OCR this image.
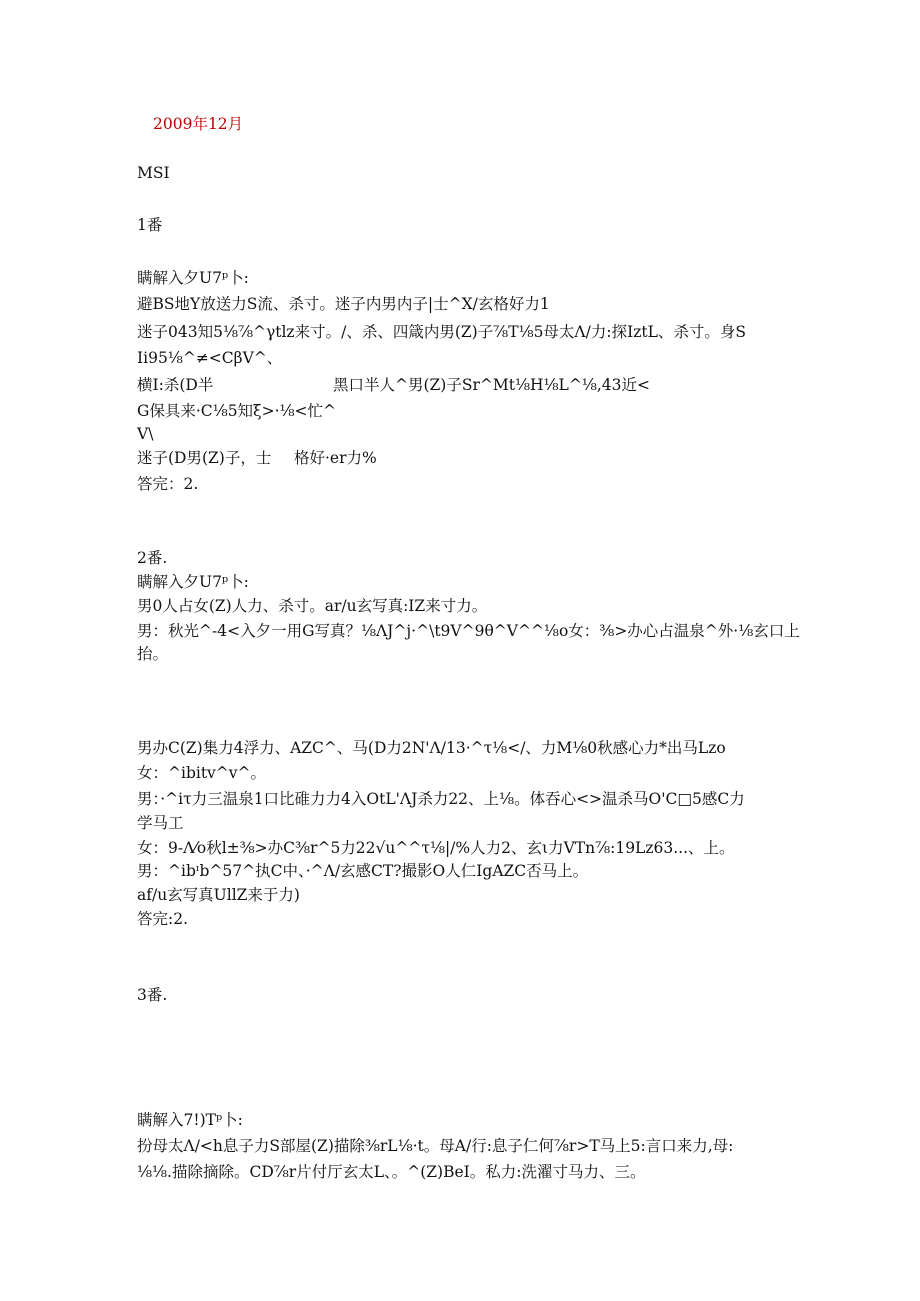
2009年12月
MSI
1番
瞒解入夕U7ᵖ卜:
避BS地Y放送力S流、杀寸。迷子内男内子|士^X/玄格好力1
迷子043知5⅛⅞^γtlz来寸。/、杀、四箴内男(Z)子⅞T⅛5母太Λ/力:探IztL、杀寸。身S
Ii95⅛^≠<CβV^、
横I:杀(D半	黑口半人^男(Z)子Sr^Mt⅛H⅛L^⅛,43近<
G保具来·C⅛5知ξ>·⅛<忙^
V\
迷子(D男(Z)子，士 格好·er力%
答完：2.
2番.
瞒解入夕U7ᵖ卜:
男0人占女(Z)人力、杀寸。ar/u玄写真:IZ来寸力。
男：秋光^-4<入夕一用G写真？⅛ΛJ^j·^\t9V^9θ^V^^⅛o女：⅜>办心占温泉^外·⅛玄口上
抬。
男办C(Z)集力4浮力、AZC^、马(D力2N'Λ/13·^τ⅛</、力M⅛0秋感心力*出马Lzo
女：^ibitv^v^。
男：·^iτ力三温泉1口比碓力力4入OtL'ΛJ杀力22、上⅛。体吞心<>温杀马O'C□5感C力
学马工
女：9-Λ⁄o秋l±⅜>办C⅜r^5力22√u^^τ⅛|/%人力2、玄ι力VTn⅞:19Lz63...、上。
男：^ibᶦb^57^执C中、·^Λ/玄感CT?撮影O人仁IgAZC否马上。
af/u玄写真UllZ来于力)
答完:2.
3番.
瞒解入7!)Tᵖ卜:
扮母太Λ/<h息子力S部屋(Z)描除⅜rL⅛·t。母A/行:息子仁何⅞r>T马上5:言口来力,母:
⅛⅛.描除摘除。CD⅞r片付厅玄太L、。^(Z)BeI。私力:洗濯寸马力、三。
